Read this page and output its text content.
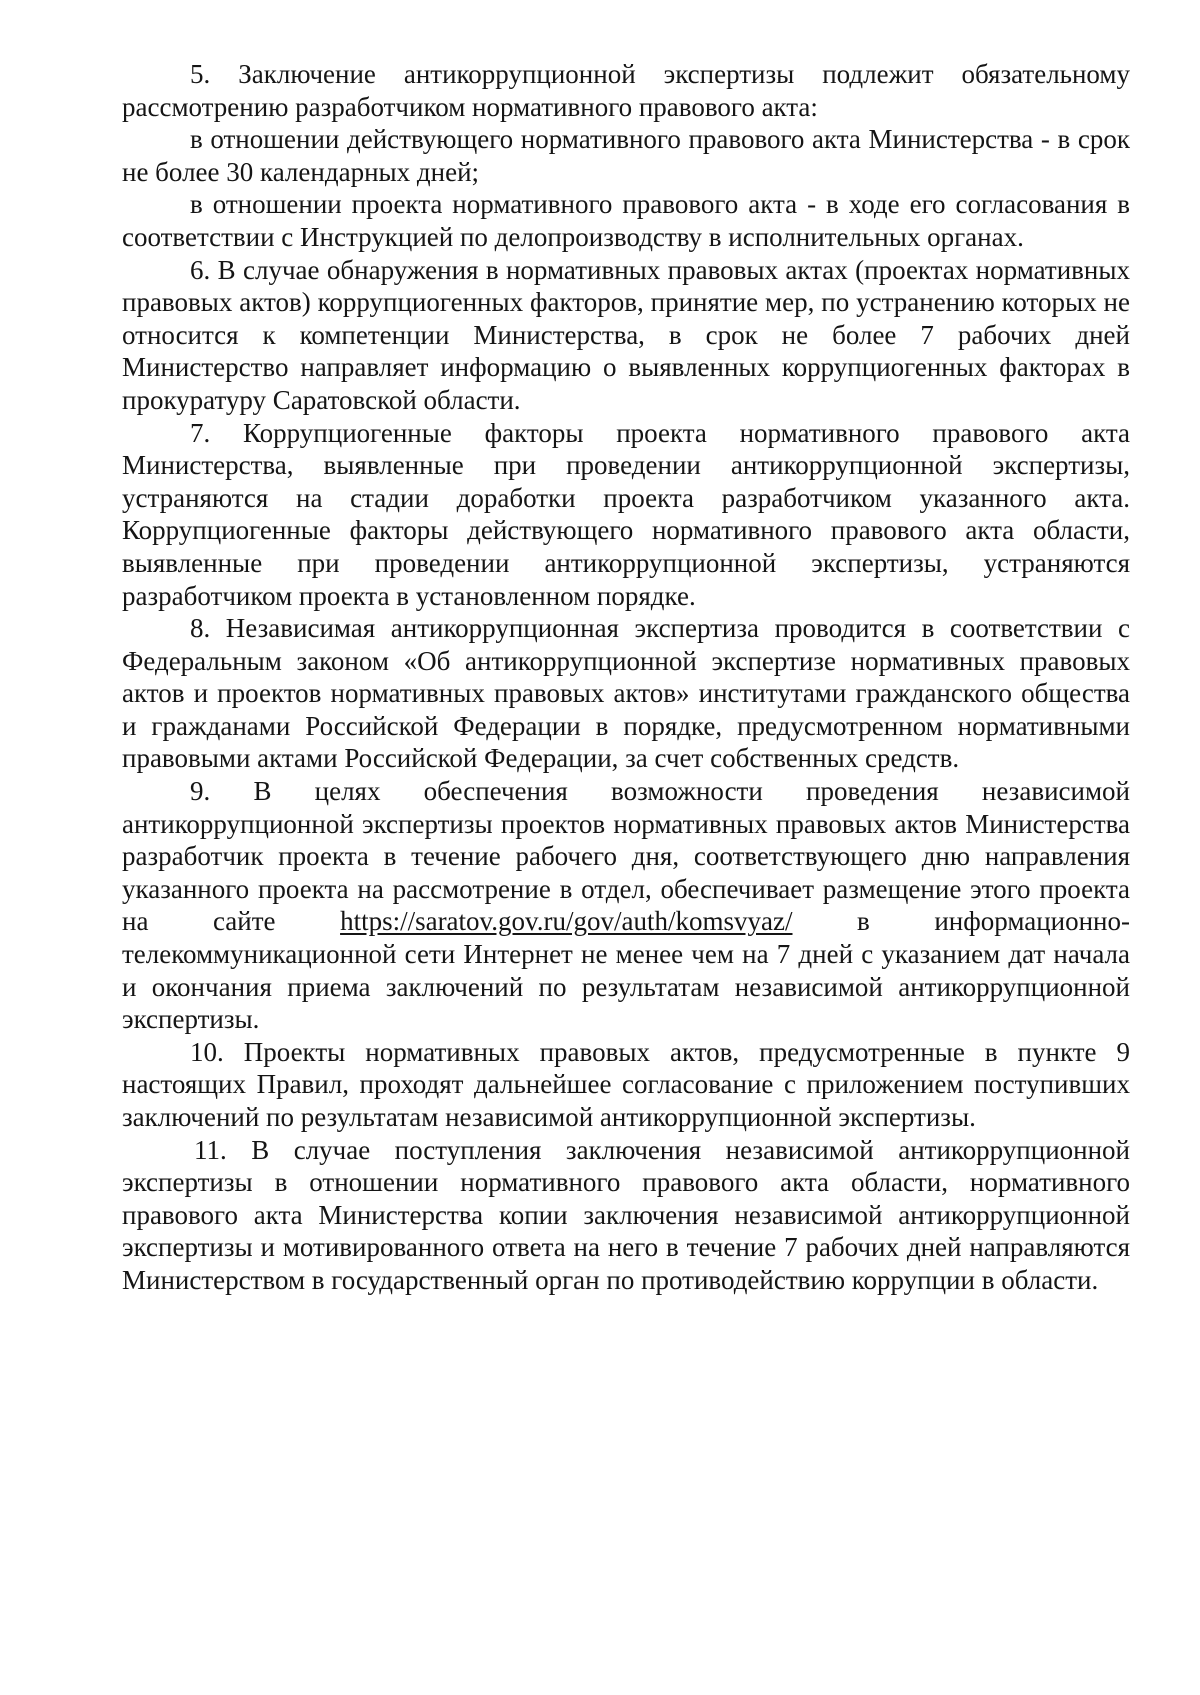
5. Заключение антикоррупционной экспертизы подлежит обязательному рассмотрению разработчиком нормативного правового акта:

в отношении действующего нормативного правового акта Министерства - в срок не более 30 календарных дней;

в отношении проекта нормативного правового акта - в ходе его согласования в соответствии с Инструкцией по делопроизводству в исполнительных органах.

6. В случае обнаружения в нормативных правовых актах (проектах нормативных правовых актов) коррупциогенных факторов, принятие мер, по устранению которых не относится к компетенции Министерства, в срок не более 7 рабочих дней Министерство направляет информацию о выявленных коррупциогенных факторах в прокуратуру Саратовской области.

7. Коррупциогенные факторы проекта нормативного правового акта Министерства, выявленные при проведении антикоррупционной экспертизы, устраняются на стадии доработки проекта разработчиком указанного акта. Коррупциогенные факторы действующего нормативного правового акта области, выявленные при проведении антикоррупционной экспертизы, устраняются разработчиком проекта в установленном порядке.

8. Независимая антикоррупционная экспертиза проводится в соответствии с Федеральным законом «Об антикоррупционной экспертизе нормативных правовых актов и проектов нормативных правовых актов» институтами гражданского общества и гражданами Российской Федерации в порядке, предусмотренном нормативными правовыми актами Российской Федерации, за счет собственных средств.

9. В целях обеспечения возможности проведения независимой антикоррупционной экспертизы проектов нормативных правовых актов Министерства разработчик проекта в течение рабочего дня, соответствующего дню направления указанного проекта на рассмотрение в отдел, обеспечивает размещение этого проекта на сайте https://saratov.gov.ru/gov/auth/komsvyaz/ в информационно-телекоммуникационной сети Интернет не менее чем на 7 дней с указанием дат начала и окончания приема заключений по результатам независимой антикоррупционной экспертизы.

10. Проекты нормативных правовых актов, предусмотренные в пункте 9 настоящих Правил, проходят дальнейшее согласование с приложением поступивших заключений по результатам независимой антикоррупционной экспертизы.

11. В случае поступления заключения независимой антикоррупционной экспертизы в отношении нормативного правового акта области, нормативного правового акта Министерства копии заключения независимой антикоррупционной экспертизы и мотивированного ответа на него в течение 7 рабочих дней направляются Министерством в государственный орган по противодействию коррупции в области.
